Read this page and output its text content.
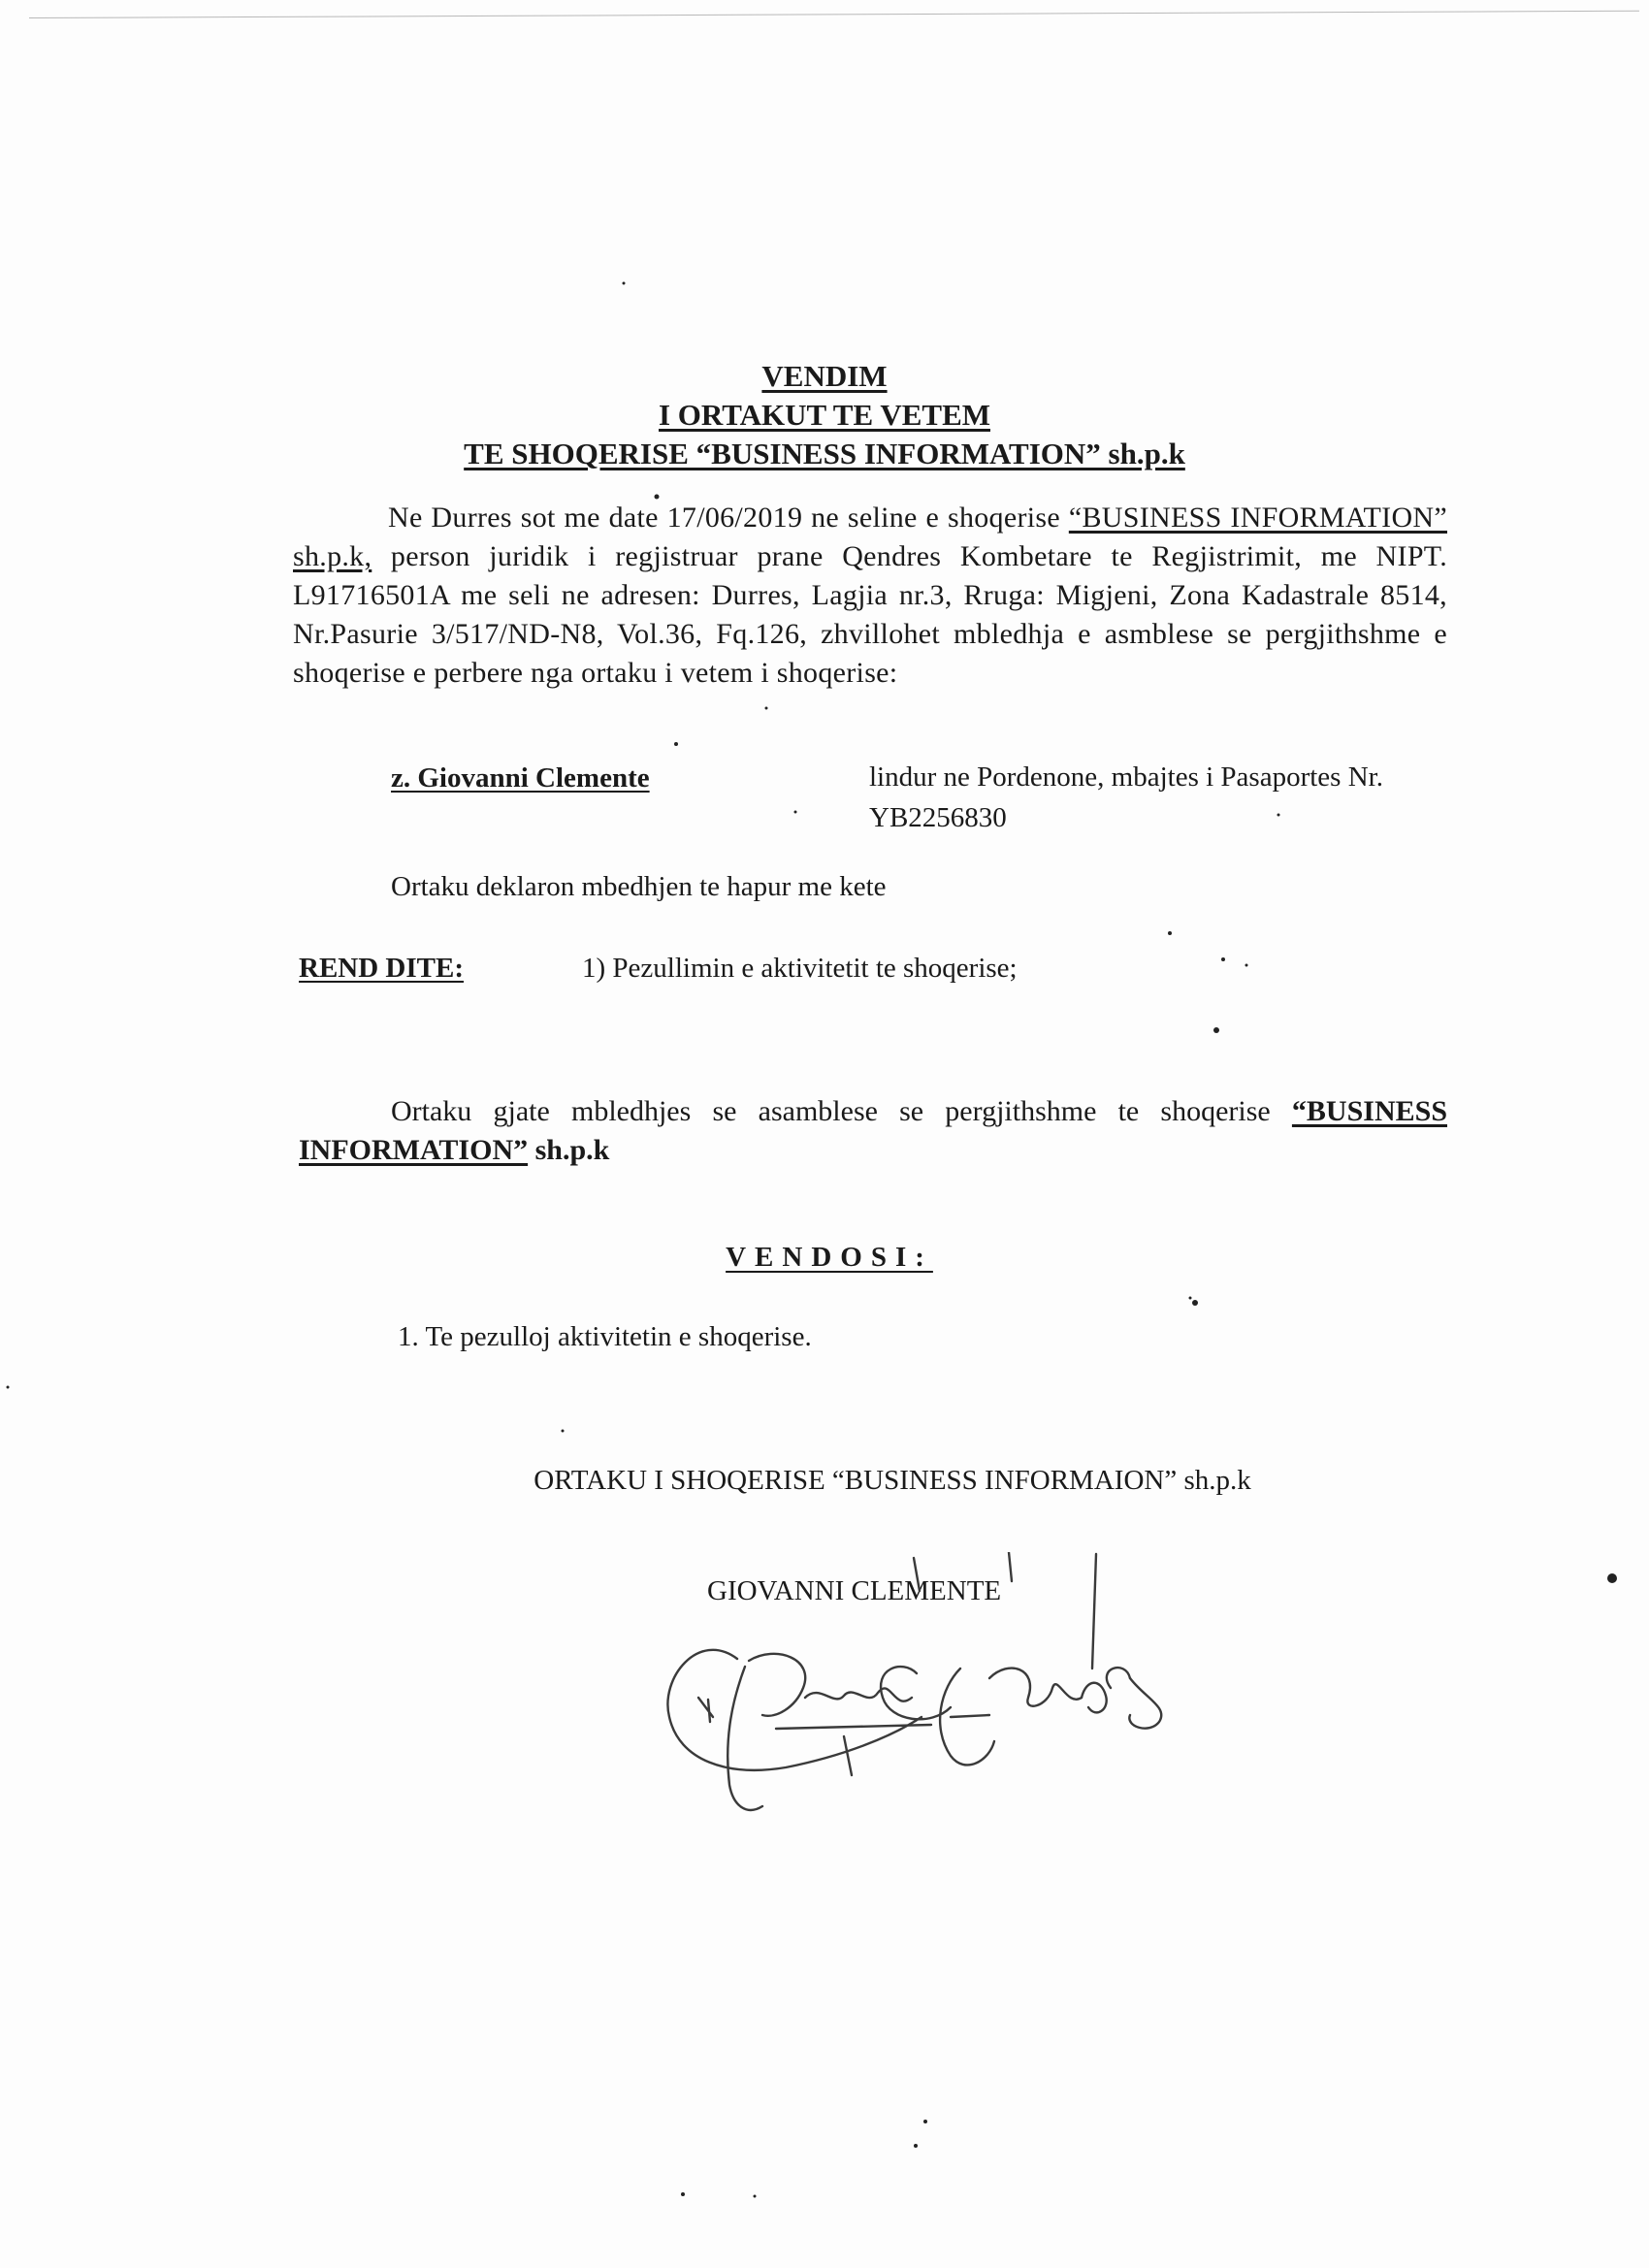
VENDIM
I ORTAKUT TE VETEM
TE SHOQERISE “BUSINESS INFORMATION” sh.p.k
Ne Durres sot me date 17/06/2019 ne seline e shoqerise “BUSINESS INFORMATION” sh.p.k, person juridik i regjistruar prane Qendres Kombetare te Regjistrimit, me NIPT. L91716501A me seli ne adresen: Durres, Lagjia nr.3, Rruga: Migjeni, Zona Kadastrale 8514, Nr.Pasurie 3/517/ND-N8, Vol.36, Fq.126, zhvillohet mbledhja e asmblese se pergjithshme e shoqerise e perbere nga ortaku i vetem i shoqerise:
z. Giovanni Clemente	lindur ne Pordenone, mbajtes i Pasaportes Nr. YB2256830
Ortaku deklaron mbedhjen te hapur me kete
REND DITE:	1) Pezullimin e aktivitetit te shoqerise;
Ortaku gjate mbledhjes se asamblese se pergjithshme te shoqerise “BUSINESS INFORMATION” sh.p.k
VENDOSI:
1. Te pezulloj aktivitetin e shoqerise.
ORTAKU I SHOQERISE “BUSINESS INFORMAION” sh.p.k
GIOVANNI CLEMENTE
